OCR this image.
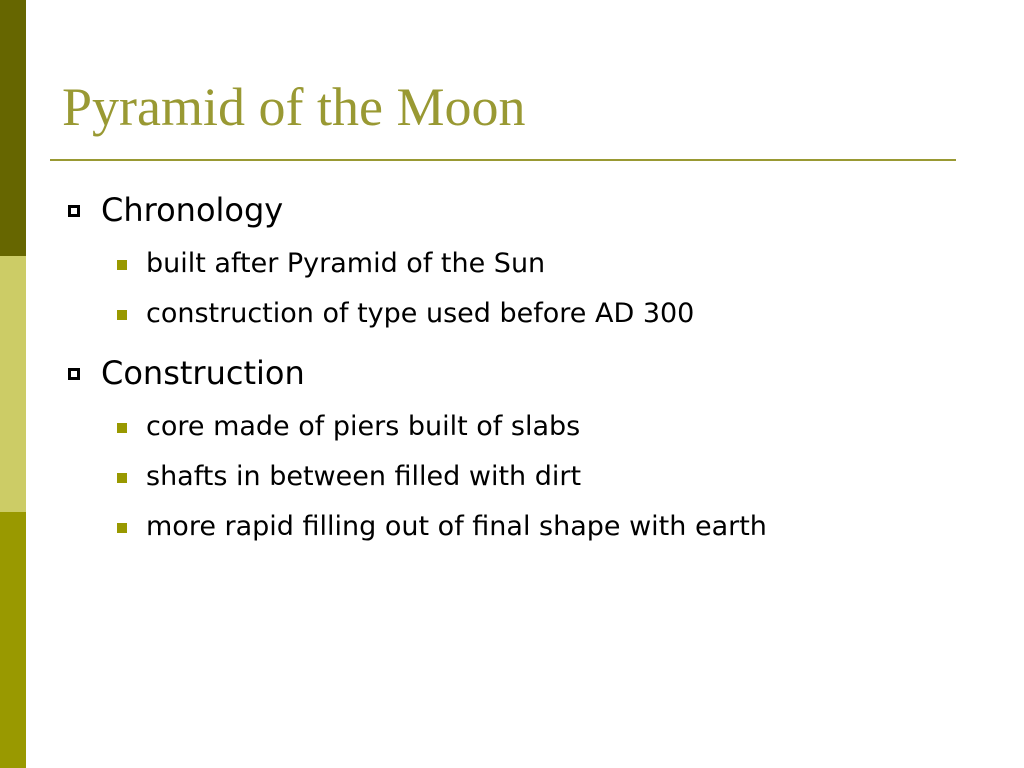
Pyramid of the Moon
Chronology
built after Pyramid of the Sun
construction of type used before AD 300
Construction
core made of piers built of slabs
shafts in between filled with dirt
more rapid filling out of final shape with earth
